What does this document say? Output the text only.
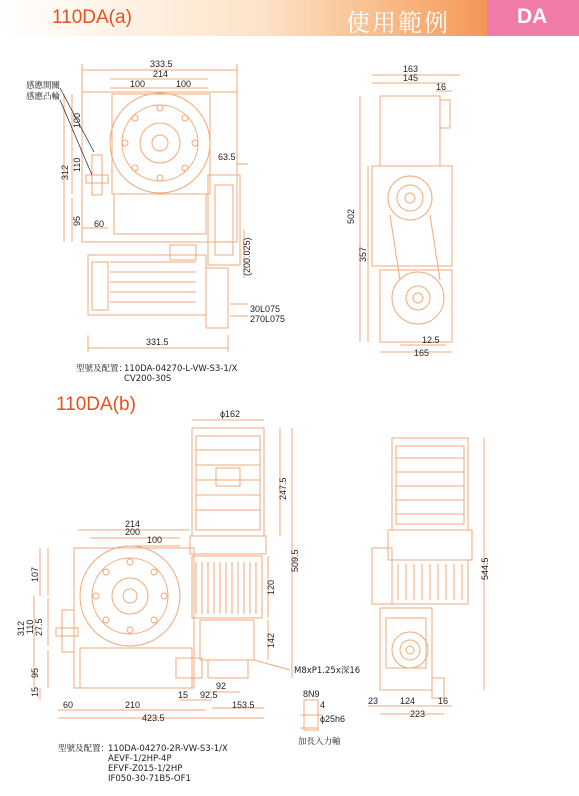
110DA(a)	使用範例	DA
110DA(b)
感應開關
感應凸輪
333.5
214
100	100
100
312
110
63.5
95 60
(200.025)
30L075
270L075
331.5
163
145
16
502
357
12.5
165
型號及配置：
110DA-04270-L-VW-S3-1/X
CV200-30S
ϕ162
247.5
509.5
214
200
100
107
312 110 27.5
120
142
M8xP1.25x深16
95
92
15	92.5
15
60	210	153.5
423.5
8N9
4
ϕ25h6
加長入力軸
544.5
23 124	16
223
型號及配置：
110DA-04270-2R-VW-S3-1/X
AEVF-1/2HP-4P
EFVF-Z015-1/2HP
IF050-30-71B5-OF1
